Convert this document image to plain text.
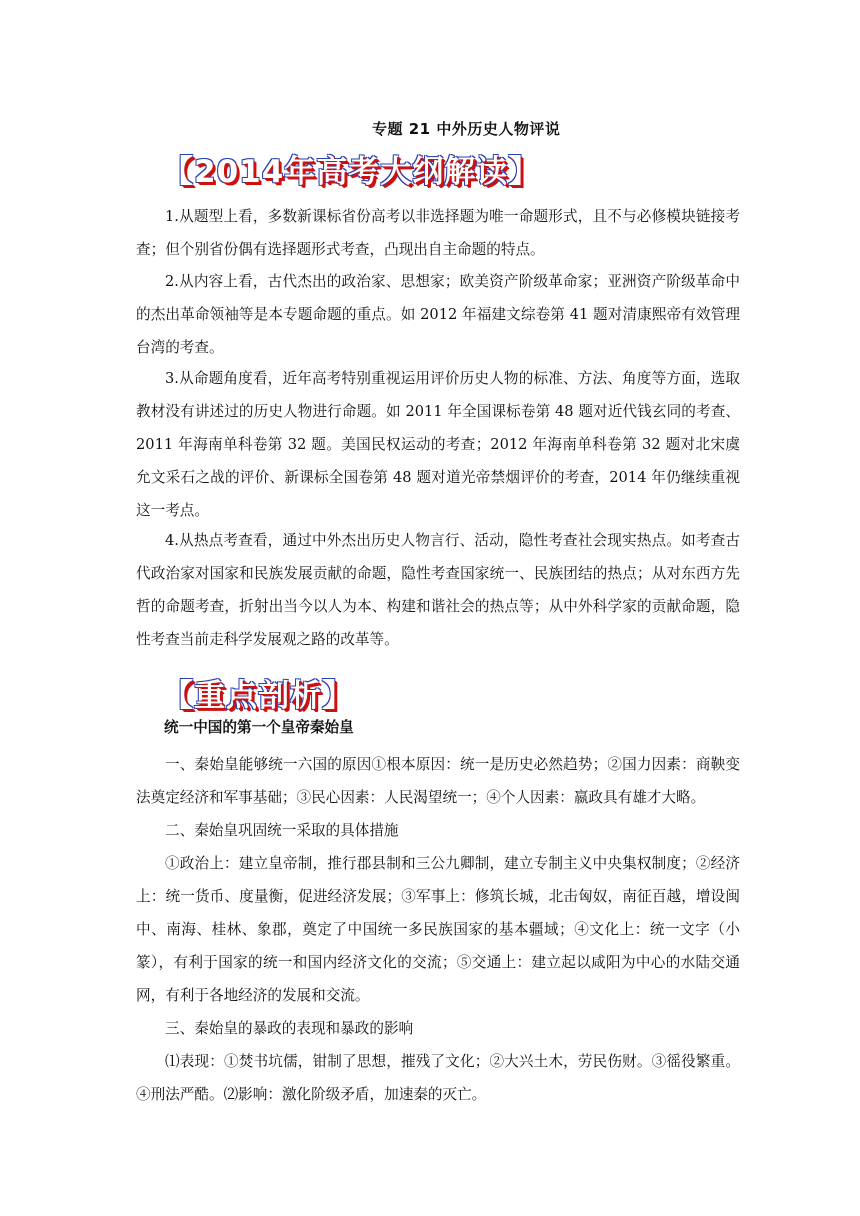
专题 21 中外历史人物评说
【2014年高考大纲解读】

1.从题型上看，多数新课标省份高考以非选择题为唯一命题形式，且不与必修模块链接考查；但个别省份偶有选择题形式考查，凸现出自主命题的特点。

2.从内容上看，古代杰出的政治家、思想家；欧美资产阶级革命家；亚洲资产阶级革命中的杰出革命领袖等是本专题命题的重点。如 2012 年福建文综卷第 41 题对清康熙帝有效管理台湾的考查。

3.从命题角度看，近年高考特别重视运用评价历史人物的标准、方法、角度等方面，选取教材没有讲述过的历史人物进行命题。如 2011 年全国课标卷第 48 题对近代钱玄同的考查、2011 年海南单科卷第 32 题。美国民权运动的考查；2012 年海南单科卷第 32 题对北宋虞允文采石之战的评价、新课标全国卷第 48 题对道光帝禁烟评价的考查，2014 年仍继续重视这一考点。

4.从热点考查看，通过中外杰出历史人物言行、活动，隐性考查社会现实热点。如考查古代政治家对国家和民族发展贡献的命题，隐性考查国家统一、民族团结的热点；从对东西方先哲的命题考查，折射出当今以人为本、构建和谐社会的热点等；从中外科学家的贡献命题，隐性考查当前走科学发展观之路的改革等。

【重点剖析】
统一中国的第一个皇帝秦始皇

一、秦始皇能够统一六国的原因①根本原因：统一是历史必然趋势；②国力因素：商鞅变法奠定经济和军事基础；③民心因素：人民渴望统一；④个人因素：嬴政具有雄才大略。

二、秦始皇巩固统一采取的具体措施

①政治上：建立皇帝制，推行郡县制和三公九卿制，建立专制主义中央集权制度；②经济上：统一货币、度量衡，促进经济发展；③军事上：修筑长城，北击匈奴，南征百越，增设闽中、南海、桂林、象郡，奠定了中国统一多民族国家的基本疆域；④文化上：统一文字（小篆），有利于国家的统一和国内经济文化的交流；⑤交通上：建立起以咸阳为中心的水陆交通网，有利于各地经济的发展和交流。

三、秦始皇的暴政的表现和暴政的影响

⑴表现：①焚书坑儒，钳制了思想，摧残了文化；②大兴土木，劳民伤财。③徭役繁重。④刑法严酷。⑵影响：激化阶级矛盾，加速秦的灭亡。
